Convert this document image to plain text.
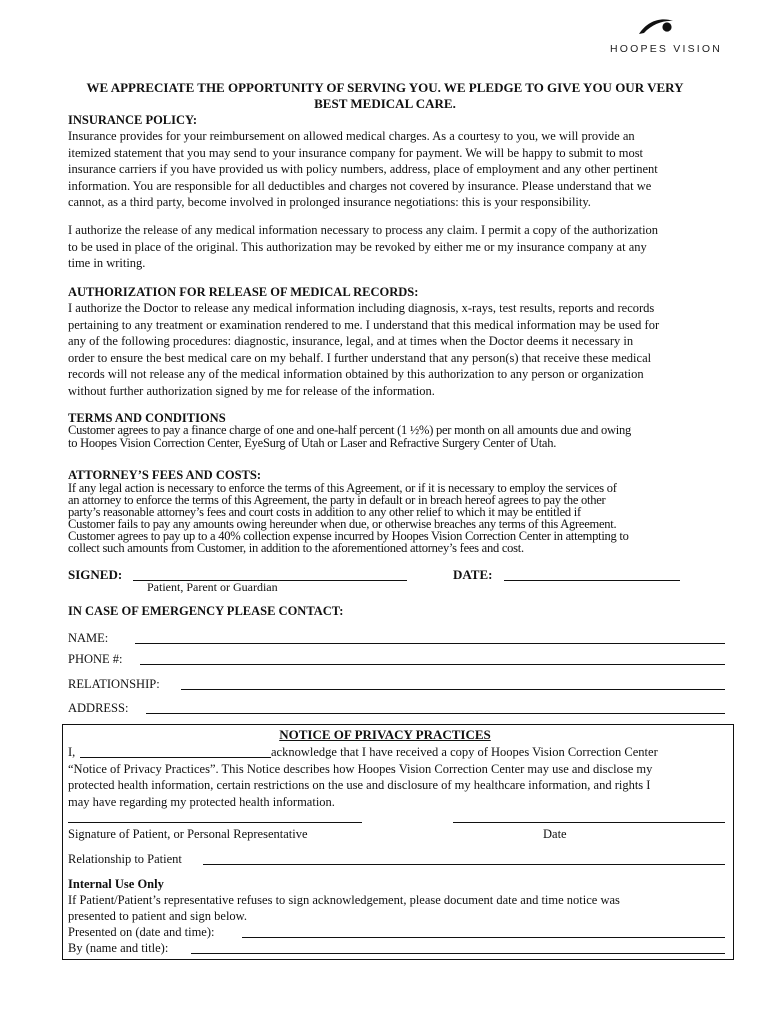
HOOPES VISION
WE APPRECIATE THE OPPORTUNITY OF SERVING YOU. WE PLEDGE TO GIVE YOU OUR VERY
BEST MEDICAL CARE.
INSURANCE POLICY:
Insurance provides for your reimbursement on allowed medical charges. As a courtesy to you, we will provide an
itemized statement that you may send to your insurance company for payment. We will be happy to submit to most
insurance carriers if you have provided us with policy numbers, address, place of employment and any other pertinent
information. You are responsible for all deductibles and charges not covered by insurance. Please understand that we
cannot, as a third party, become involved in prolonged insurance negotiations: this is your responsibility.
I authorize the release of any medical information necessary to process any claim. I permit a copy of the authorization
to be used in place of the original. This authorization may be revoked by either me or my insurance company at any
time in writing.
AUTHORIZATION FOR RELEASE OF MEDICAL RECORDS:
I authorize the Doctor to release any medical information including diagnosis, x-rays, test results, reports and records
pertaining to any treatment or examination rendered to me. I understand that this medical information may be used for
any of the following procedures: diagnostic, insurance, legal, and at times when the Doctor deems it necessary in
order to ensure the best medical care on my behalf. I further understand that any person(s) that receive these medical
records will not release any of the medical information obtained by this authorization to any person or organization
without further authorization signed by me for release of the information.
TERMS AND CONDITIONS
Customer agrees to pay a finance charge of one and one-half percent (1 ½%) per month on all amounts due and owing
to Hoopes Vision Correction Center, EyeSurg of Utah or Laser and Refractive Surgery Center of Utah.
ATTORNEY’S FEES AND COSTS:
If any legal action is necessary to enforce the terms of this Agreement, or if it is necessary to employ the services of
an attorney to enforce the terms of this Agreement, the party in default or in breach hereof agrees to pay the other
party’s reasonable attorney’s fees and court costs in addition to any other relief to which it may be entitled if
Customer fails to pay any amounts owing hereunder when due, or otherwise breaches any terms of this Agreement.
Customer agrees to pay up to a 40% collection expense incurred by Hoopes Vision Correction Center in attempting to
collect such amounts from Customer, in addition to the aforementioned attorney’s fees and cost.
SIGNED:
Patient, Parent or Guardian
DATE:
IN CASE OF EMERGENCY PLEASE CONTACT:
NAME:
PHONE #:
RELATIONSHIP:
ADDRESS:
NOTICE OF PRIVACY PRACTICES
I,	acknowledge that I have received a copy of Hoopes Vision Correction Center
“Notice of Privacy Practices”. This Notice describes how Hoopes Vision Correction Center may use and disclose my
protected health information, certain restrictions on the use and disclosure of my healthcare information, and rights I
may have regarding my protected health information.
Signature of Patient, or Personal Representative	Date
Relationship to Patient
Internal Use Only
If Patient/Patient’s representative refuses to sign acknowledgement, please document date and time notice was
presented to patient and sign below.
Presented on (date and time):
By (name and title):
